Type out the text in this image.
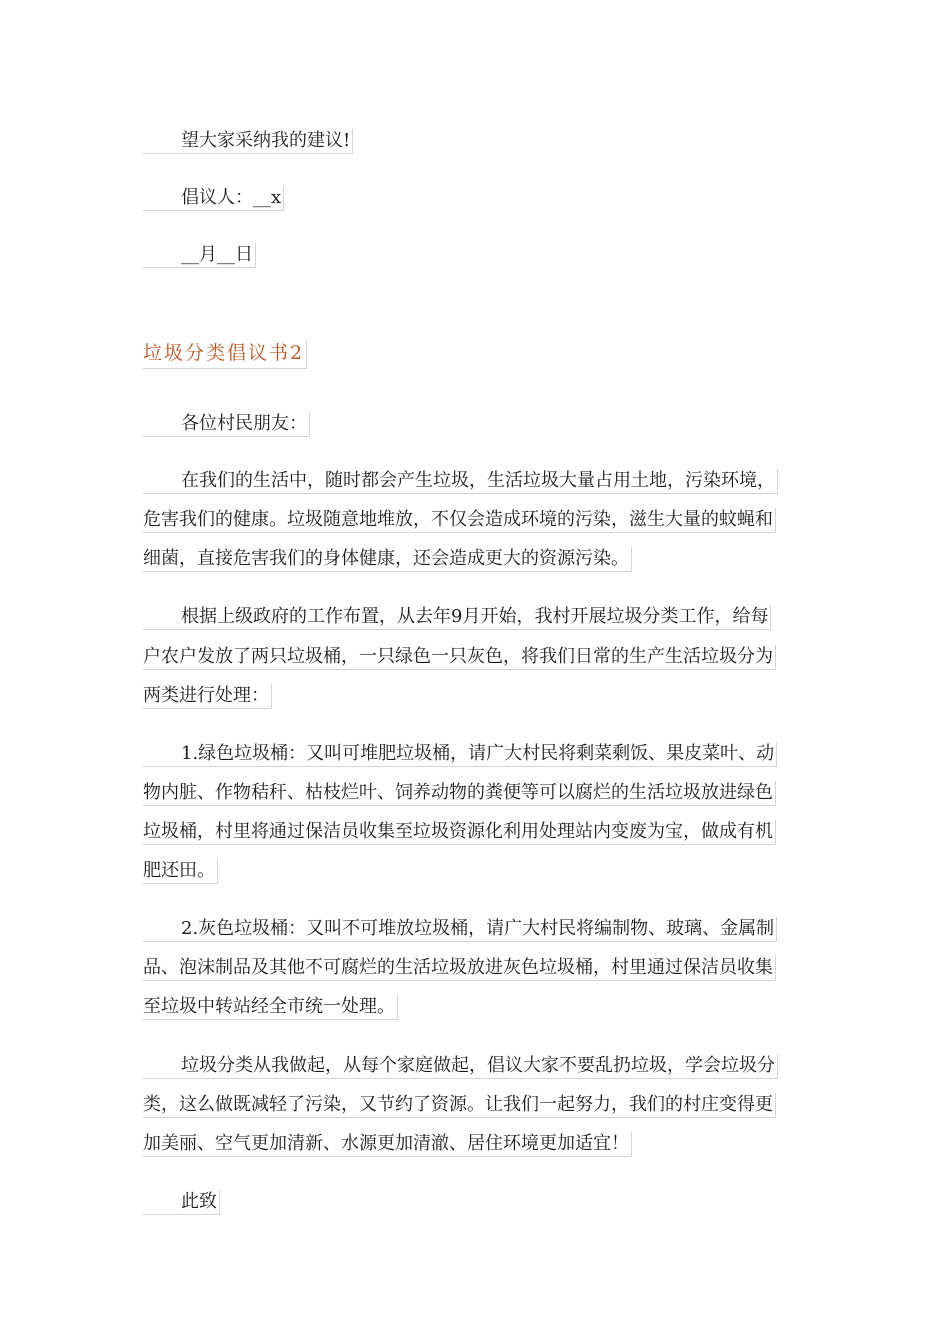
望大家采纳我的建议!
倡议人：__x
__月__日
垃圾分类倡议书2
各位村民朋友：
在我们的生活中，随时都会产生垃圾，生活垃圾大量占用土地，污染环境，
危害我们的健康。垃圾随意地堆放，不仅会造成环境的污染，滋生大量的蚊蝇和
细菌，直接危害我们的身体健康，还会造成更大的资源污染。
根据上级政府的工作布置，从去年9月开始，我村开展垃圾分类工作，给每
户农户发放了两只垃圾桶，一只绿色一只灰色，将我们日常的生产生活垃圾分为
两类进行处理：
1.绿色垃圾桶：又叫可堆肥垃圾桶，请广大村民将剩菜剩饭、果皮菜叶、动
物内脏、作物秸秆、枯枝烂叶、饲养动物的粪便等可以腐烂的生活垃圾放进绿色
垃圾桶，村里将通过保洁员收集至垃圾资源化利用处理站内变废为宝，做成有机
肥还田。
2.灰色垃圾桶：又叫不可堆放垃圾桶，请广大村民将编制物、玻璃、金属制
品、泡沫制品及其他不可腐烂的生活垃圾放进灰色垃圾桶，村里通过保洁员收集
至垃圾中转站经全市统一处理。
垃圾分类从我做起，从每个家庭做起，倡议大家不要乱扔垃圾，学会垃圾分
类，这么做既减轻了污染，又节约了资源。让我们一起努力，我们的村庄变得更
加美丽、空气更加清新、水源更加清澈、居住环境更加适宜！
此致
